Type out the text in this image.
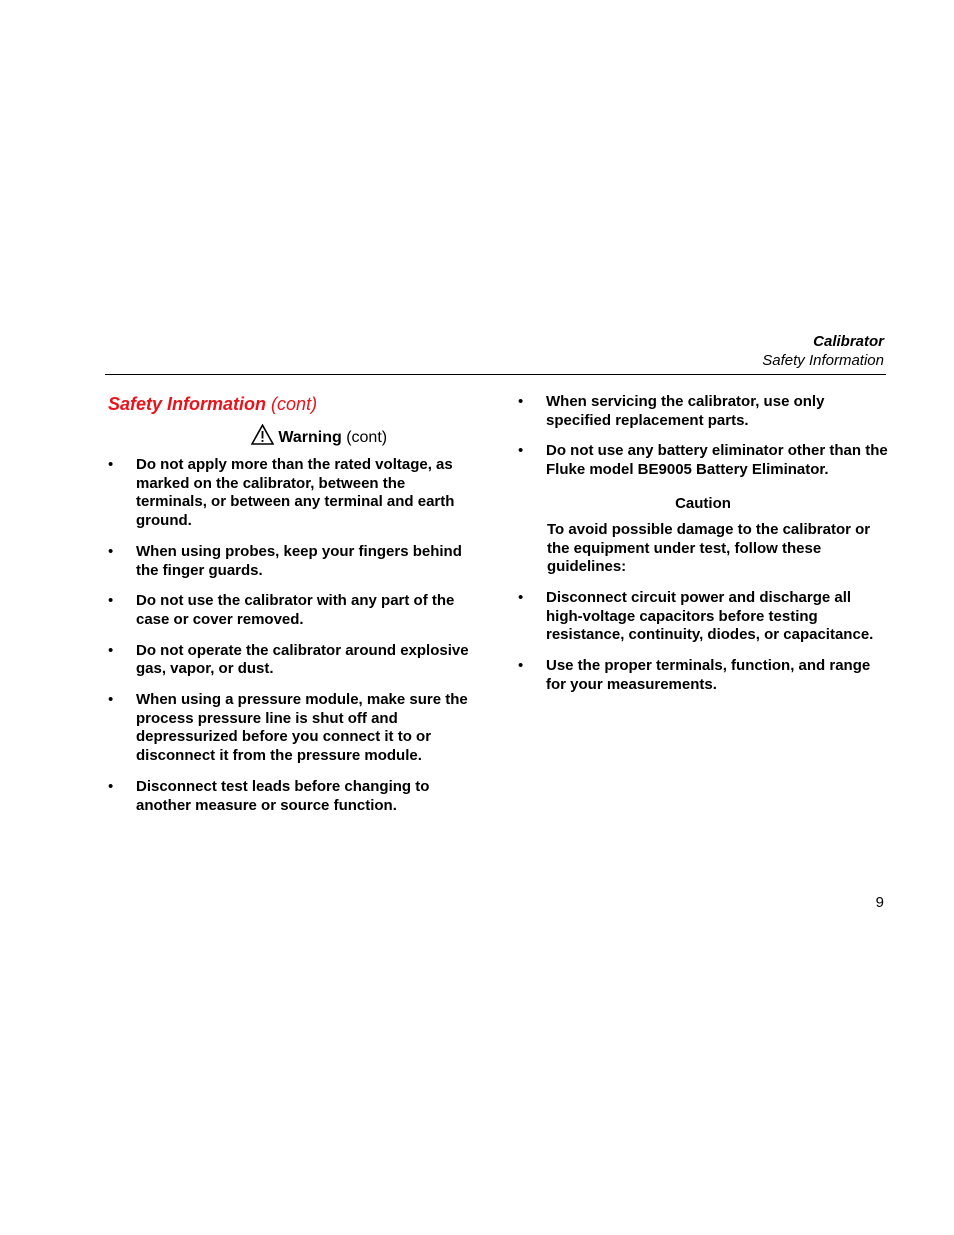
Calibrator
Safety Information
Safety Information (cont)
Warning (cont)
• Do not apply more than the rated voltage, as marked on the calibrator, between the terminals, or between any terminal and earth ground.
• When using probes, keep your fingers behind the finger guards.
• Do not use the calibrator with any part of the case or cover removed.
• Do not operate the calibrator around explosive gas, vapor, or dust.
• When using a pressure module, make sure the process pressure line is shut off and depressurized before you connect it to or disconnect it from the pressure module.
• Disconnect test leads before changing to another measure or source function.
• When servicing the calibrator, use only specified replacement parts.
• Do not use any battery eliminator other than the Fluke model BE9005 Battery Eliminator.
Caution
To avoid possible damage to the calibrator or the equipment under test, follow these guidelines:
• Disconnect circuit power and discharge all high-voltage capacitors before testing resistance, continuity, diodes, or capacitance.
• Use the proper terminals, function, and range for your measurements.
9
